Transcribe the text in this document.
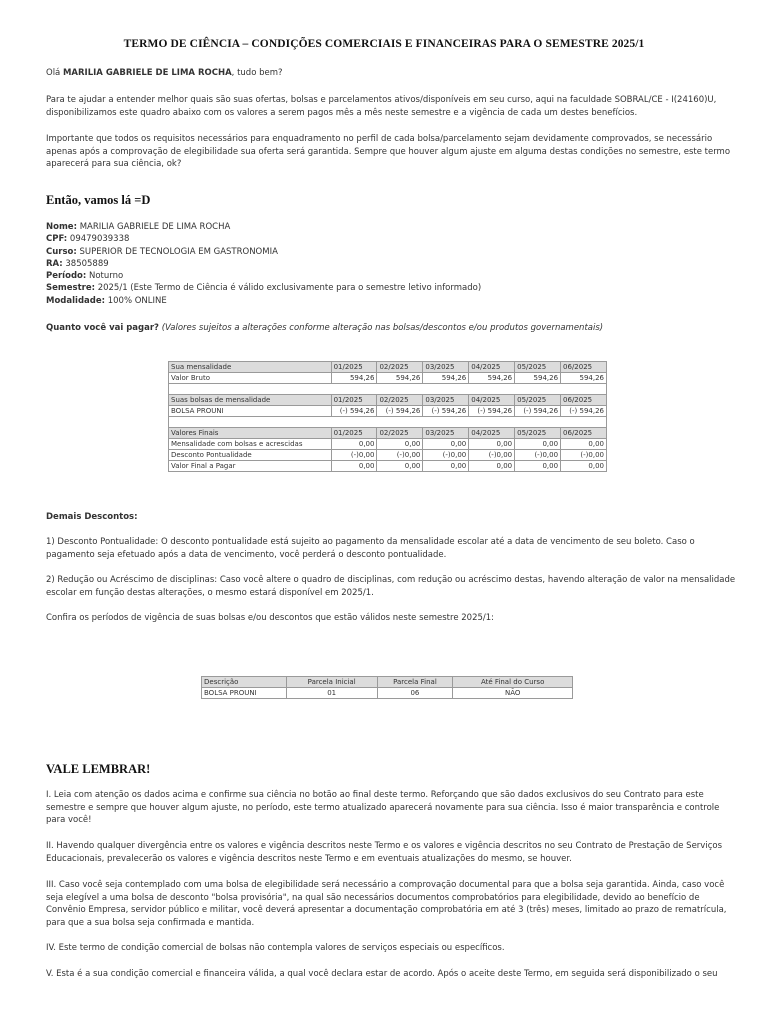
TERMO DE CIÊNCIA – CONDIÇÕES COMERCIAIS E FINANCEIRAS PARA O SEMESTRE 2025/1
Olá MARILIA GABRIELE DE LIMA ROCHA, tudo bem?
Para te ajudar a entender melhor quais são suas ofertas, bolsas e parcelamentos ativos/disponíveis em seu curso, aqui na faculdade SOBRAL/CE - I(24160)U, disponibilizamos este quadro abaixo com os valores a serem pagos mês a mês neste semestre e a vigência de cada um destes benefícios.
Importante que todos os requisitos necessários para enquadramento no perfil de cada bolsa/parcelamento sejam devidamente comprovados, se necessário apenas após a comprovação de elegibilidade sua oferta será garantida. Sempre que houver algum ajuste em alguma destas condições no semestre, este termo aparecerá para sua ciência, ok?
Então, vamos lá =D
Nome: MARILIA GABRIELE DE LIMA ROCHA
CPF: 09479039338
Curso: SUPERIOR DE TECNOLOGIA EM GASTRONOMIA
RA: 38505889
Período: Noturno
Semestre: 2025/1 (Este Termo de Ciência é válido exclusivamente para o semestre letivo informado)
Modalidade: 100% ONLINE
Quanto você vai pagar? (Valores sujeitos a alterações conforme alteração nas bolsas/descontos e/ou produtos governamentais)
Sua mensalidade	01/2025	02/2025	03/2025	04/2025	05/2025	06/2025
Valor Bruto	594,26	594,26	594,26	594,26	594,26	594,26

Suas bolsas de mensalidade	01/2025	02/2025	03/2025	04/2025	05/2025	06/2025
BOLSA PROUNI	(-) 594,26	(-) 594,26	(-) 594,26	(-) 594,26	(-) 594,26	(-) 594,26

Valores Finais	01/2025	02/2025	03/2025	04/2025	05/2025	06/2025
Mensalidade com bolsas e acrescidas	0,00	0,00	0,00	0,00	0,00	0,00
Desconto Pontualidade	(-)0,00	(-)0,00	(-)0,00	(-)0,00	(-)0,00	(-)0,00
Valor Final a Pagar	0,00	0,00	0,00	0,00	0,00	0,00
Demais Descontos:
1) Desconto Pontualidade: O desconto pontualidade está sujeito ao pagamento da mensalidade escolar até a data de vencimento de seu boleto. Caso o pagamento seja efetuado após a data de vencimento, você perderá o desconto pontualidade.
2) Redução ou Acréscimo de disciplinas: Caso você altere o quadro de disciplinas, com redução ou acréscimo destas, havendo alteração de valor na mensalidade escolar em função destas alterações, o mesmo estará disponível em 2025/1.
Confira os períodos de vigência de suas bolsas e/ou descontos que estão válidos neste semestre 2025/1:
Descrição	Parcela Inicial	Parcela Final	Até Final do Curso
BOLSA PROUNI	01	06	NÃO
VALE LEMBRAR!
I. Leia com atenção os dados acima e confirme sua ciência no botão ao final deste termo. Reforçando que são dados exclusivos do seu Contrato para este semestre e sempre que houver algum ajuste, no período, este termo atualizado aparecerá novamente para sua ciência. Isso é maior transparência e controle para você!
II. Havendo qualquer divergência entre os valores e vigência descritos neste Termo e os valores e vigência descritos no seu Contrato de Prestação de Serviços Educacionais, prevalecerão os valores e vigência descritos neste Termo e em eventuais atualizações do mesmo, se houver.
III. Caso você seja contemplado com uma bolsa de elegibilidade será necessário a comprovação documental para que a bolsa seja garantida. Ainda, caso você seja elegível a uma bolsa de desconto "bolsa provisória", na qual são necessários documentos comprobatórios para elegibilidade, devido ao benefício de Convênio Empresa, servidor público e militar, você deverá apresentar a documentação comprobatória em até 3 (três) meses, limitado ao prazo de rematrícula, para que a sua bolsa seja confirmada e mantida.
IV. Este termo de condição comercial de bolsas não contempla valores de serviços especiais ou específicos.
V. Esta é a sua condição comercial e financeira válida, a qual você declara estar de acordo. Após o aceite deste Termo, em seguida será disponibilizado o seu
